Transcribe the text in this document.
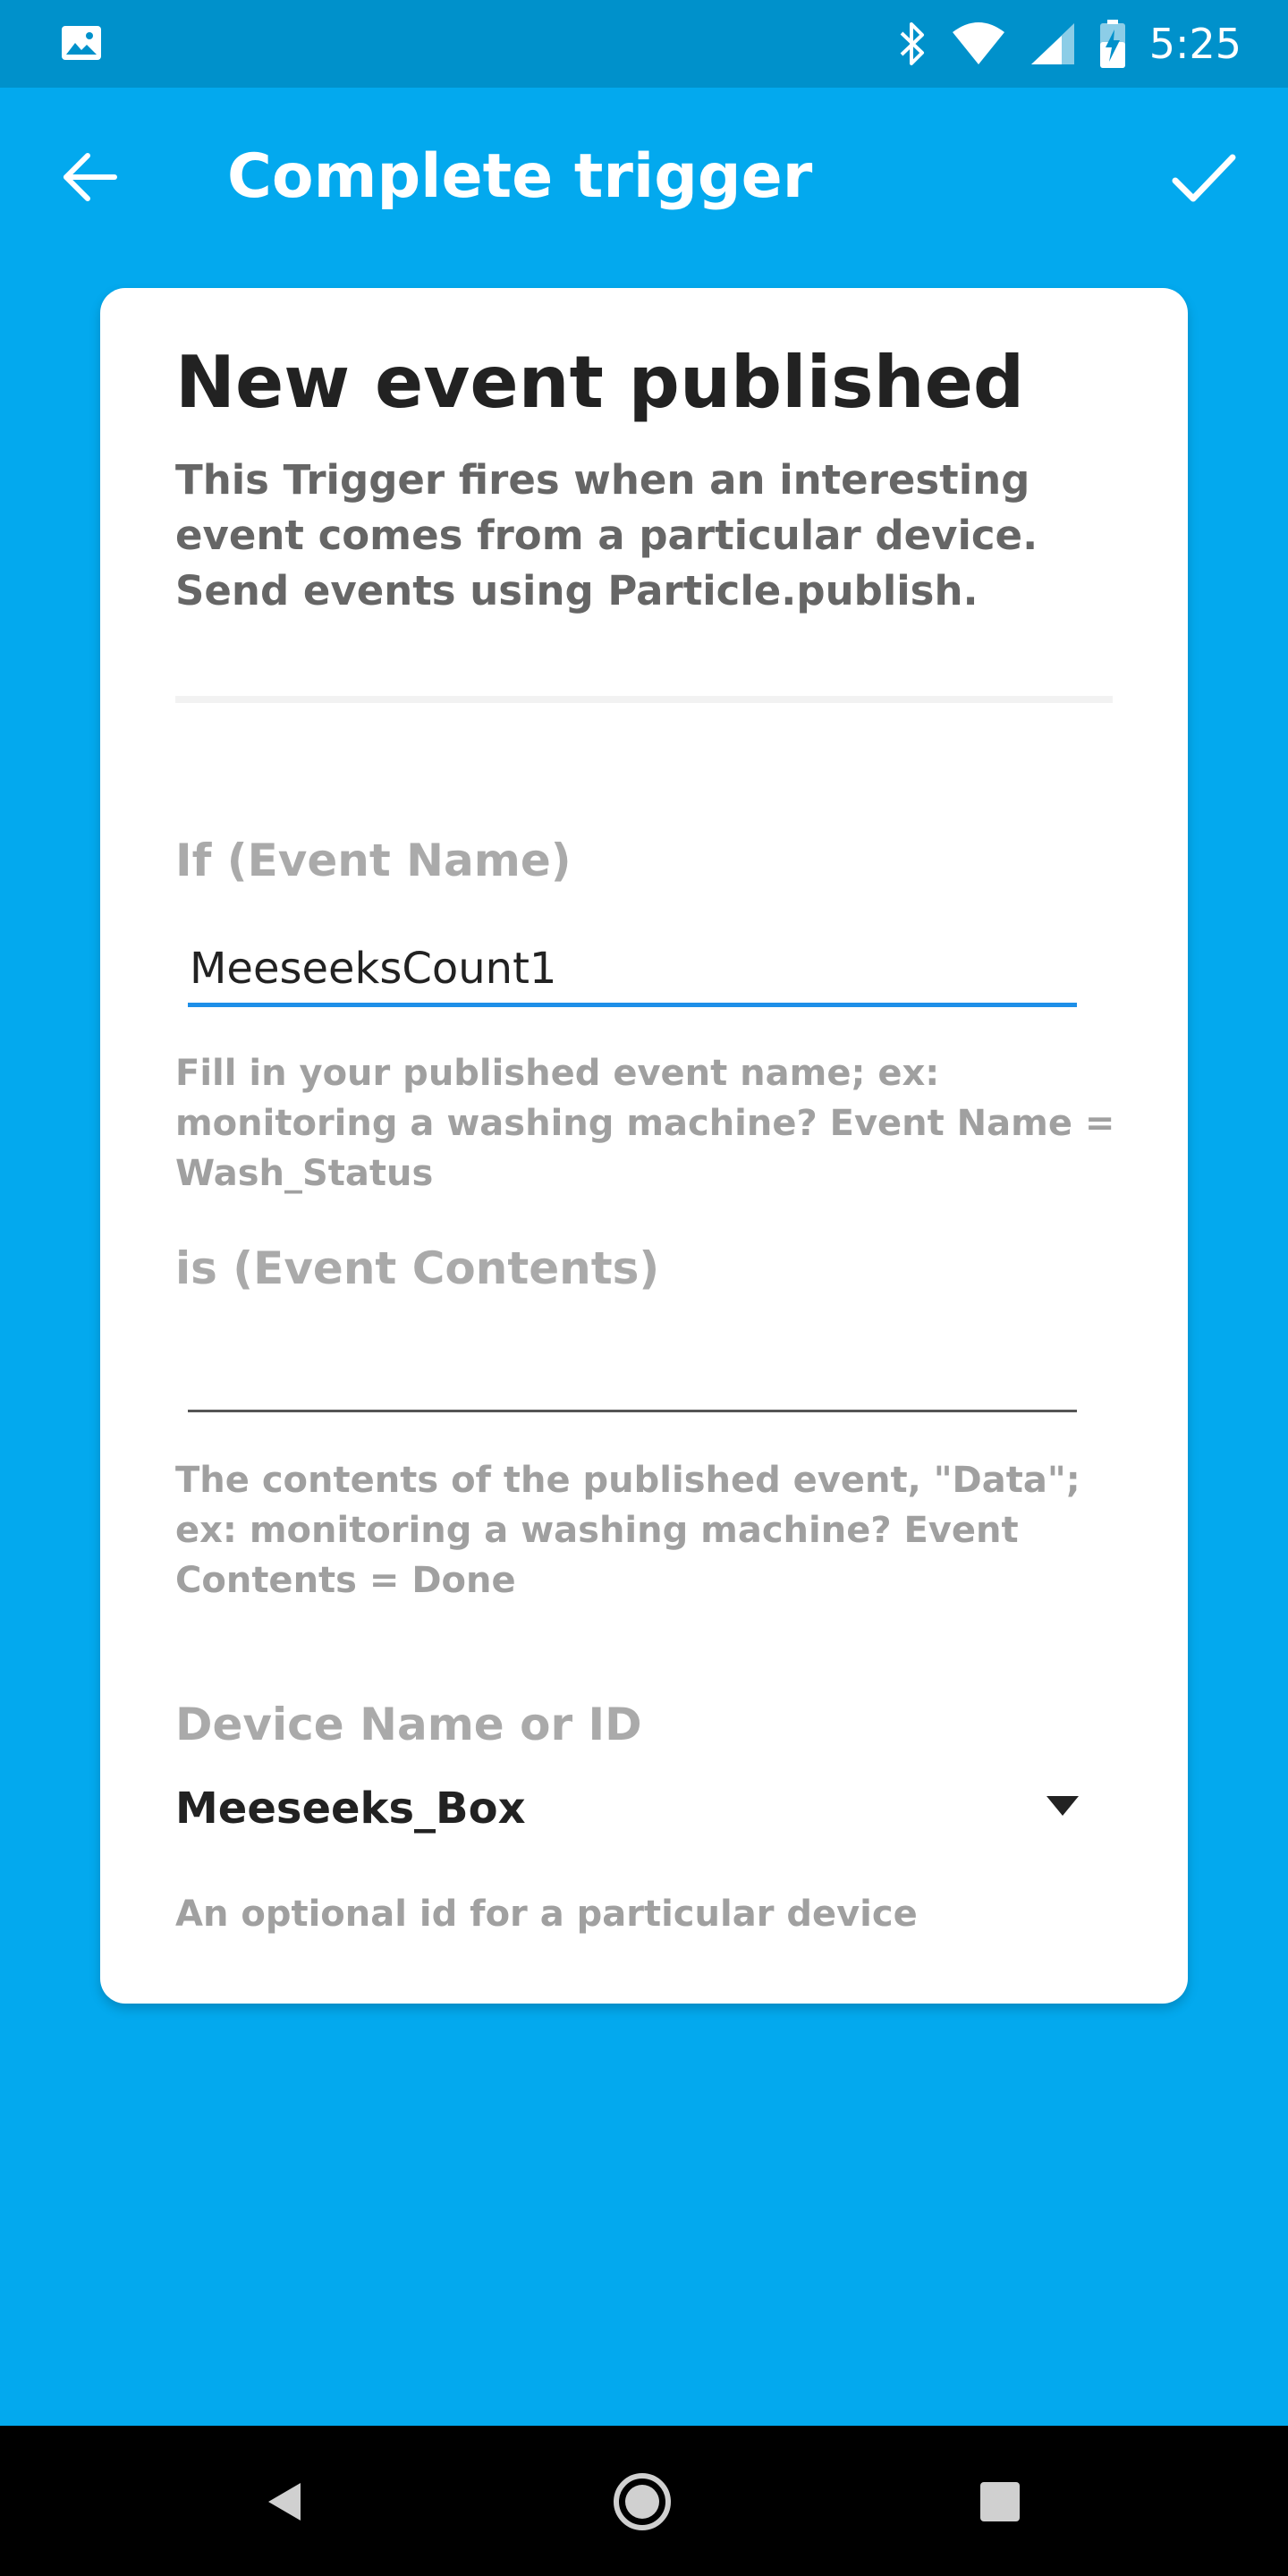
5:25
Complete trigger
New event published
This Trigger fires when an interesting event comes from a particular device. Send events using Particle.publish.
If (Event Name)
MeeseeksCount1
Fill in your published event name; ex: monitoring a washing machine? Event Name = Wash_Status
is (Event Contents)
The contents of the published event, "Data"; ex: monitoring a washing machine? Event Contents = Done
Device Name or ID
Meeseeks_Box
An optional id for a particular device
